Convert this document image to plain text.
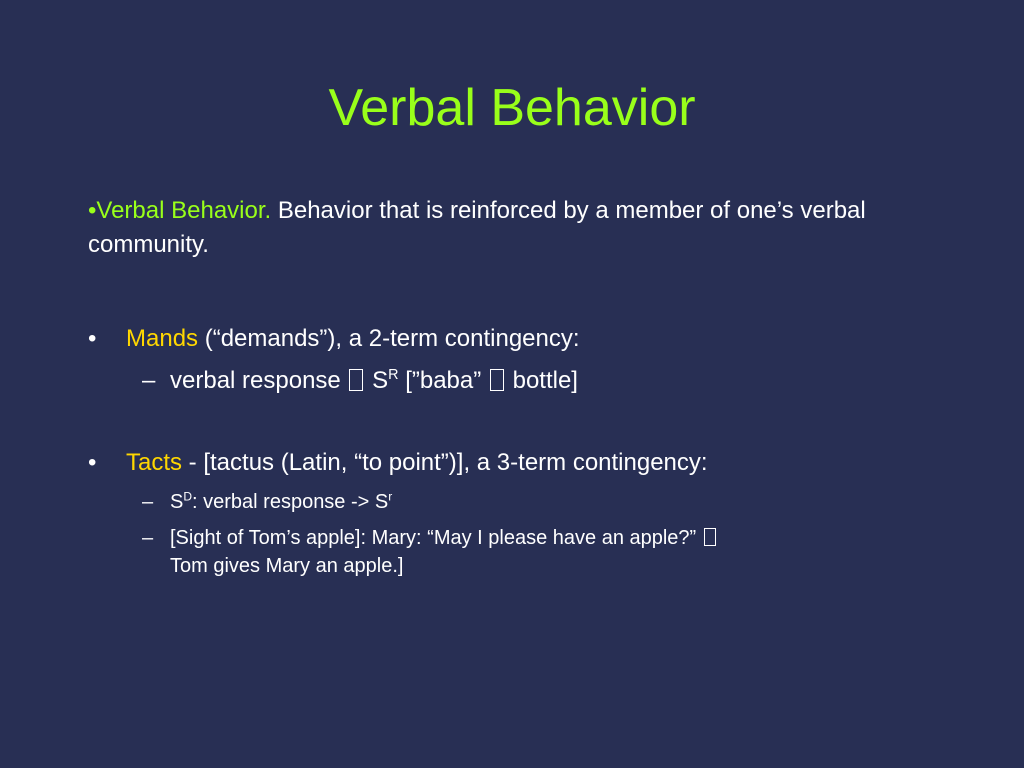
Verbal Behavior
•Verbal Behavior. Behavior that is reinforced by a member of one’s verbal community.
• Mands (“demands”), a 2-term contingency:
– verbal response  $S^R$ [”baba”  bottle]
• Tacts - [tactus (Latin, “to point”)], a 3-term contingency:
– $S^D$: verbal response -> $S^r$
– [Sight of Tom’s apple]: Mary: “May I please have an apple?”
Tom gives Mary an apple.]
